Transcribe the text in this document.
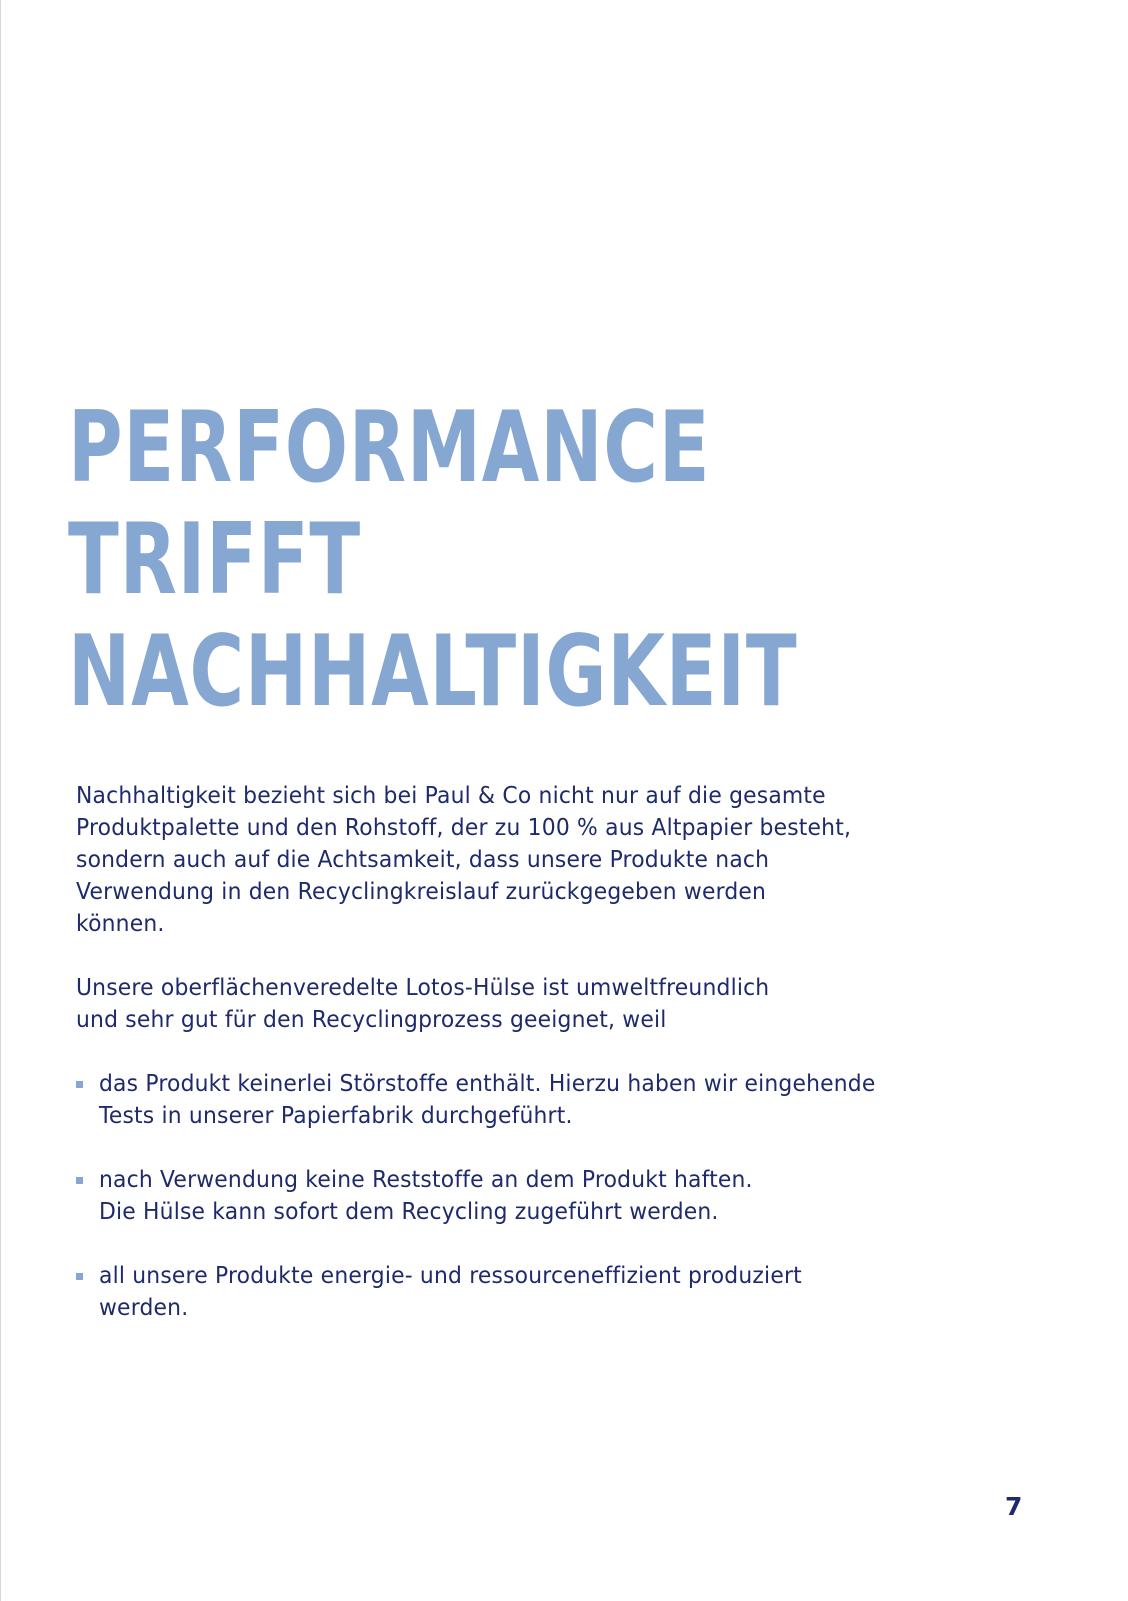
PERFORMANCE
TRIFFT
NACHHALTIGKEIT

Nachhaltigkeit bezieht sich bei Paul & Co nicht nur auf die gesamte
Produktpalette und den Rohstoff, der zu 100 % aus Altpapier besteht,
sondern auch auf die Achtsamkeit, dass unsere Produkte nach
Verwendung in den Recyclingkreislauf zurückgegeben werden
können.

Unsere oberflächenveredelte Lotos-Hülse ist umweltfreundlich
und sehr gut für den Recyclingprozess geeignet, weil

das Produkt keinerlei Störstoffe enthält. Hierzu haben wir eingehende
Tests in unserer Papierfabrik durchgeführt.
nach Verwendung keine Reststoffe an dem Produkt haften.
Die Hülse kann sofort dem Recycling zugeführt werden.
all unsere Produkte energie- und ressourceneffizient produziert
werden.
7
